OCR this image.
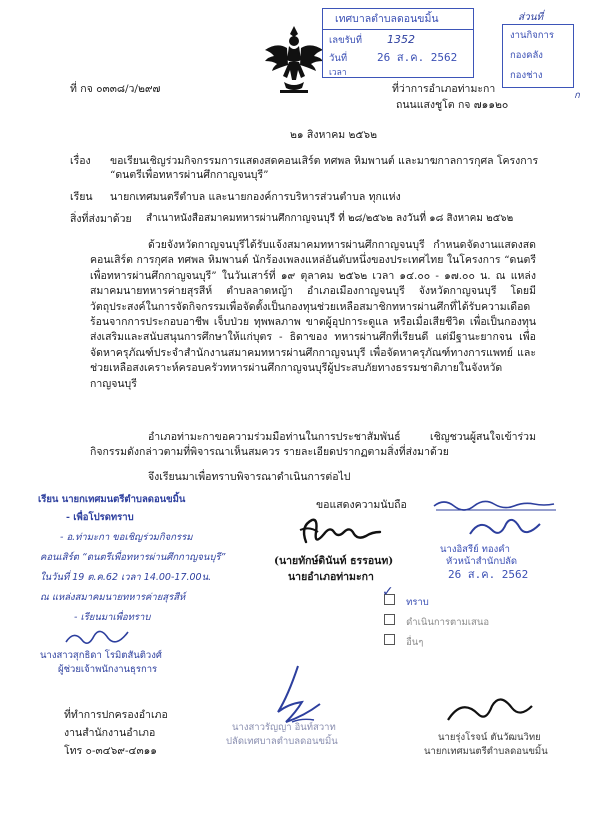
เทศบาลตำบลดอนขมิ้น
เลขรับที่ 1352
วันที่	26 ส.ค. 2562
เวลา
ส่วนที่
งานกิจการ
กองคลัง
กองช่าง
ก
ที่ กจ ๐๓๓๘/ว/๒๙๗	ที่ว่าการอำเภอท่ามะกา
ถนนแสงชูโต กจ ๗๑๑๒๐
๒๑ สิงหาคม ๒๕๖๒
เรื่อง ขอเรียนเชิญร่วมกิจกรรมการแสดงสดคอนเสิร์ต ทศพล หิมพานต์ และมาฆกาลการกุศล โครงการ
“ดนตรีเพื่อทหารผ่านศึกกาญจนบุรี”
เรียน นายกเทศมนตรีตำบล และนายกองค์การบริหารส่วนตำบล ทุกแห่ง
สิ่งที่ส่งมาด้วย สำเนาหนังสือสมาคมทหารผ่านศึกกาญจนบุรี ที่ ๒๘/๒๕๖๒ ลงวันที่ ๑๘ สิงหาคม ๒๕๖๒
ด้วยจังหวัดกาญจนบุรีได้รับแจ้งสมาคมทหารผ่านศึกกาญจนบุรี กำหนดจัดงานแสดงสดคอนเสิร์ต การกุศล ทศพล หิมพานต์ นักร้องเพลงแหล่อันดับหนึ่งของประเทศไทย ในโครงการ “ดนตรีเพื่อทหารผ่านศึกกาญจนบุรี” ในวันเสาร์ที่ ๑๙ ตุลาคม ๒๕๖๒ เวลา ๑๔.๐๐ - ๑๗.๐๐ น. ณ แหล่งสมาคมนายทหารค่ายสุรสีห์ ตำบลลาดหญ้า อำเภอเมืองกาญจนบุรี จังหวัดกาญจนบุรี โดยมีวัตถุประสงค์ในการจัดกิจกรรมเพื่อจัดตั้งเป็นกองทุนช่วยเหลือสมาชิกทหารผ่านศึกที่ได้รับความเดือดร้อนจากการประกอบอาชีพ เจ็บป่วย ทุพพลภาพ ขาดผู้อุปการะดูแล หรือเมื่อเสียชีวิต เพื่อเป็นกองทุนส่งเสริมและสนับสนุนการศึกษาให้แก่บุตร - ธิดาของ ทหารผ่านศึกที่เรียนดี แต่มีฐานะยากจน เพื่อจัดหาครุภัณฑ์ประจำสำนักงานสมาคมทหารผ่านศึกกาญจนบุรี เพื่อจัดหาครุภัณฑ์ทางการแพทย์ และช่วยเหลือสงเคราะห์ครอบครัวทหารผ่านศึกกาญจนบุรีผู้ประสบภัยทางธรรมชาติภายในจังหวัดกาญจนบุรี
อำเภอท่ามะกาขอความร่วมมือท่านในการประชาสัมพันธ์ เชิญชวนผู้สนใจเข้าร่วมกิจกรรมดังกล่าวตามที่พิจารณาเห็นสมควร รายละเอียดปรากฏตามสิ่งที่ส่งมาด้วย
จึงเรียนมาเพื่อทราบพิจารณาดำเนินการต่อไป
ขอแสดงความนับถือ
(นายทักษ์ดินันท์ ธรรอนท)
นายอำเภอท่ามะกา
เรียน นายกเทศมนตรีตำบลดอนขมิ้น
- เพื่อโปรดทราบ
- อ.ท่ามะกา ขอเชิญร่วมกิจกรรม
คอนเสิร์ต “ดนตรีเพื่อทหารผ่านศึกกาญจนบุรี”
ในวันที่ 19 ต.ค.62 เวลา 14.00-17.00น.
ณ แหล่งสมาคมนายทหารค่ายสุรสีห์
- เรียนมาเพื่อทราบ
นางสาวสุกธิดา โรมิตสันติวงศ์
ผู้ช่วยเจ้าพนักงานธุรการ
นางอิสรีย์ ทองคำ
หัวหน้าสำนักปลัด
26 ส.ค. 2562

✓
ทราบ
ดำเนินการตามเสนอ
อื่นๆ
นางสาวรัญญา อินท์สวาท
ปลัดเทศบาลตำบลดอนขมิ้น	นายรุ่งโรจน์ ตันวัฒนวิทย
นายกเทศมนตรีตำบลดอนขมิ้น
ที่ทำการปกครองอำเภอ
งานสำนักงานอำเภอ
โทร ๐-๓๔๖๙-๔๓๑๑
